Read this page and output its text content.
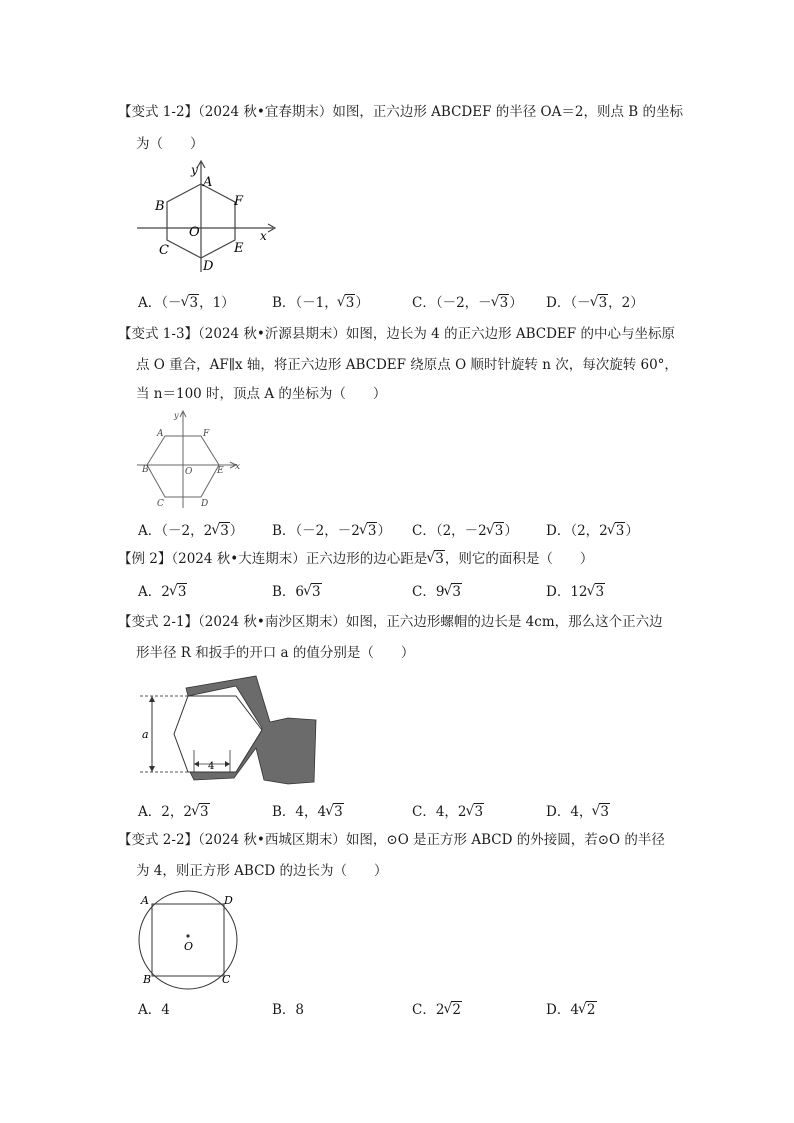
【变式 1-2】（2024 秋•宜春期末）如图，正六边形 ABCDEF 的半径 OA＝2，则点 B 的坐标
为（　　）
y
x
A
B
C
D
E
F
O
A．（－ √ 3，1）	B．（－1， √ 3）	C．（－2，－ √ 3） D．（－ √ 3，2）
【变式 1-3】（2024 秋•沂源县期末）如图，边长为 4 的正六边形 ABCDEF 的中心与坐标原
点 O 重合，AF∥x 轴，将正六边形 ABCDEF 绕原点 O 顺时针旋转 n 次，每次旋转 60°，
当 n＝100 时，顶点 A 的坐标为（　　）
y
x
A	F
B	E
C	D
O
A．（－2，2 √ 3） B．（－2，－2 √ 3） C．（2，－2 √ 3） D．（2，2 √ 3）
【例 2】（2024 秋•大连期末）正六边形的边心距是 √ 3，则它的面积是（　　）
A．2 √ 3	B．6 √ 3	C．9 √ 3	D．12 √ 3
【变式 2-1】（2024 秋•南沙区期末）如图，正六边形螺帽的边长是 4cm，那么这个正六边
形半径 R 和扳手的开口 a 的值分别是（　　）
a
4
A．2，2 √ 3	B．4，4 √ 3	C．4，2 √ 3	D．4， √ 3
【变式 2-2】（2024 秋•西城区期末）如图，⊙O 是正方形 ABCD 的外接圆，若⊙O 的半径
为 4，则正方形 ABCD 的边长为（　　）
A	D
B	C
O
A．4	B．8	C．2 √ 2	D．4 √ 2
